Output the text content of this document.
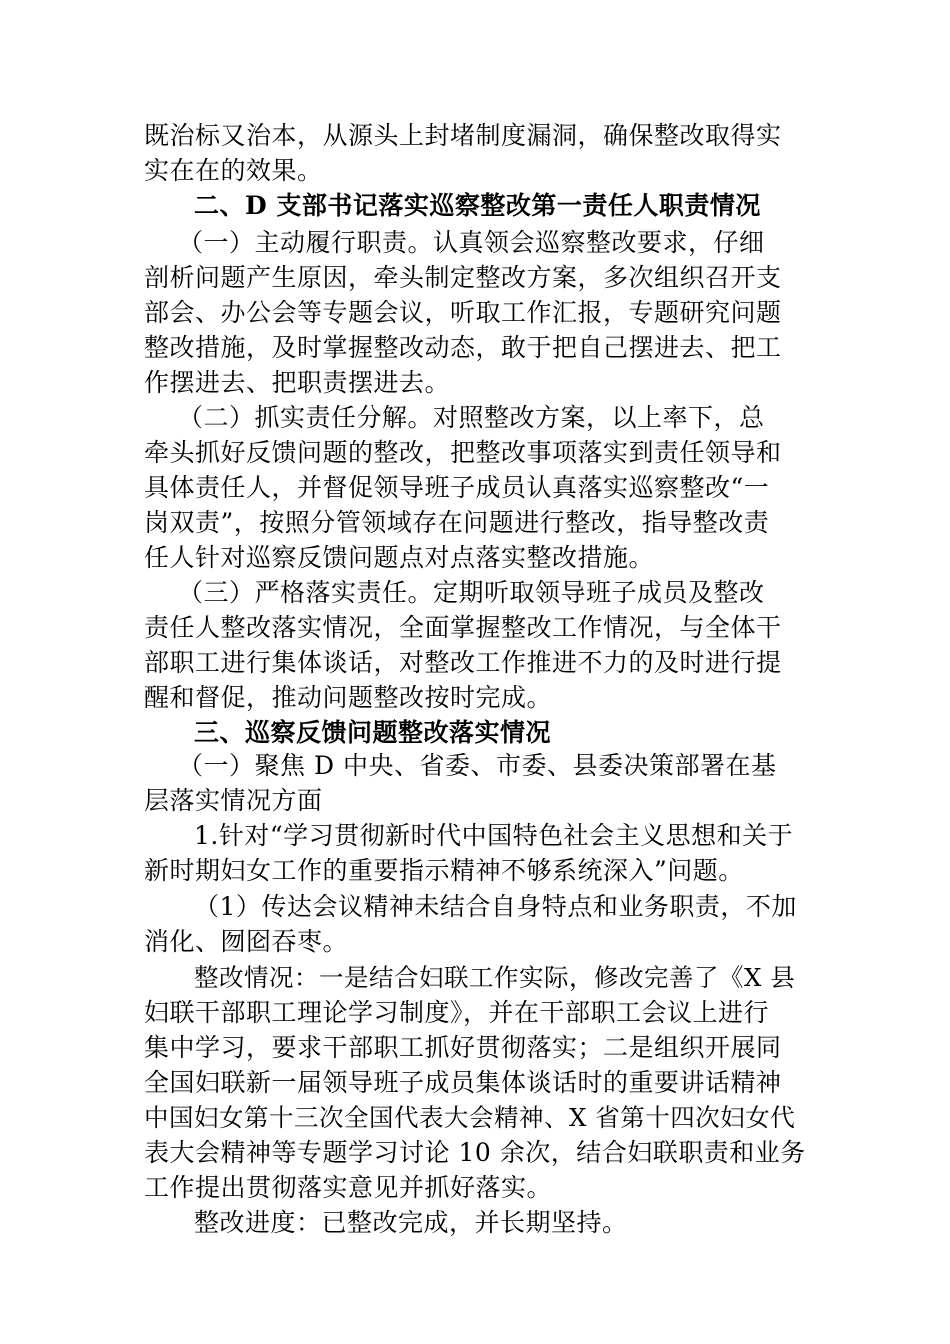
既治标又治本，从源头上封堵制度漏洞，确保整改取得实
实在在的效果。
二、D 支部书记落实巡察整改第一责任人职责情况
（一）主动履行职责。认真领会巡察整改要求，仔细
剖析问题产生原因，牵头制定整改方案，多次组织召开支
部会、办公会等专题会议，听取工作汇报，专题研究问题
整改措施，及时掌握整改动态，敢于把自己摆进去、把工
作摆进去、把职责摆进去。
（二）抓实责任分解。对照整改方案，以上率下，总
牵头抓好反馈问题的整改，把整改事项落实到责任领导和
具体责任人，并督促领导班子成员认真落实巡察整改“一
岗双责”，按照分管领域存在问题进行整改，指导整改责
任人针对巡察反馈问题点对点落实整改措施。
（三）严格落实责任。定期听取领导班子成员及整改
责任人整改落实情况，全面掌握整改工作情况，与全体干
部职工进行集体谈话，对整改工作推进不力的及时进行提
醒和督促，推动问题整改按时完成。
三、巡察反馈问题整改落实情况
（一）聚焦 D 中央、省委、市委、县委决策部署在基
层落实情况方面
1.针对“学习贯彻新时代中国特色社会主义思想和关于
新时期妇女工作的重要指示精神不够系统深入”问题。
（1）传达会议精神未结合自身特点和业务职责，不加
消化、囫囵吞枣。
整改情况：一是结合妇联工作实际，修改完善了《X 县
妇联干部职工理论学习制度》，并在干部职工会议上进行
集中学习，要求干部职工抓好贯彻落实；二是组织开展同
全国妇联新一届领导班子成员集体谈话时的重要讲话精神
中国妇女第十三次全国代表大会精神、X 省第十四次妇女代
表大会精神等专题学习讨论 10 余次，结合妇联职责和业务
工作提出贯彻落实意见并抓好落实。
整改进度：已整改完成，并长期坚持。
